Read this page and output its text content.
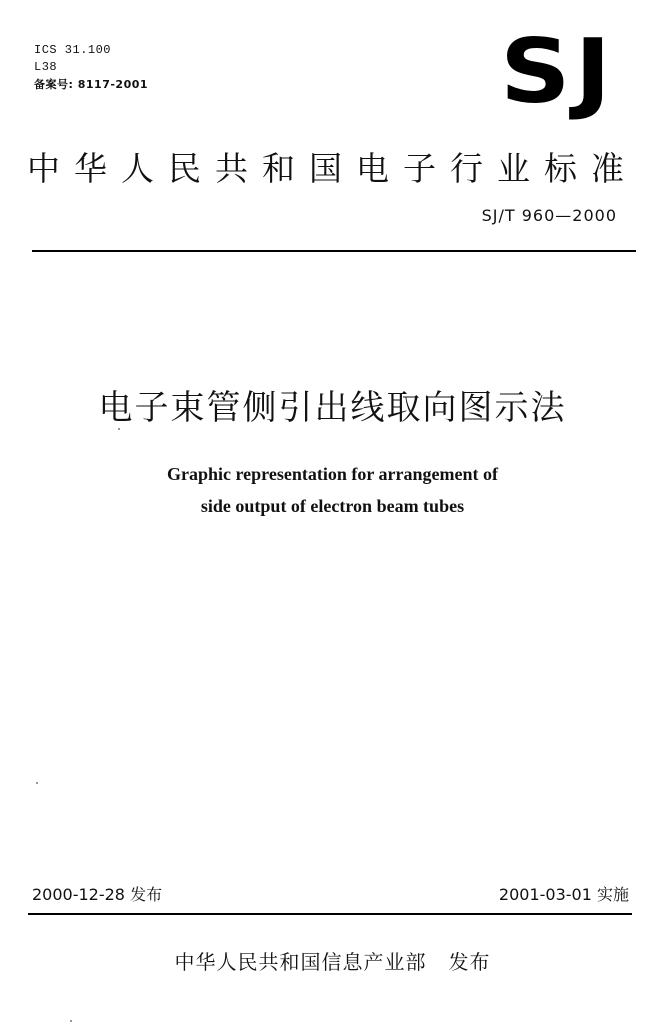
ICS 31.100
L38
备案号: 8117-2001	SJ
中华人民共和国电子行业标准
SJ/T 960—2000
电子束管侧引出线取向图示法
Graphic representation for arrangement of
side output of electron beam tubes
2000-12-28 发布	2001-03-01 实施
中华人民共和国信息产业部   发布
